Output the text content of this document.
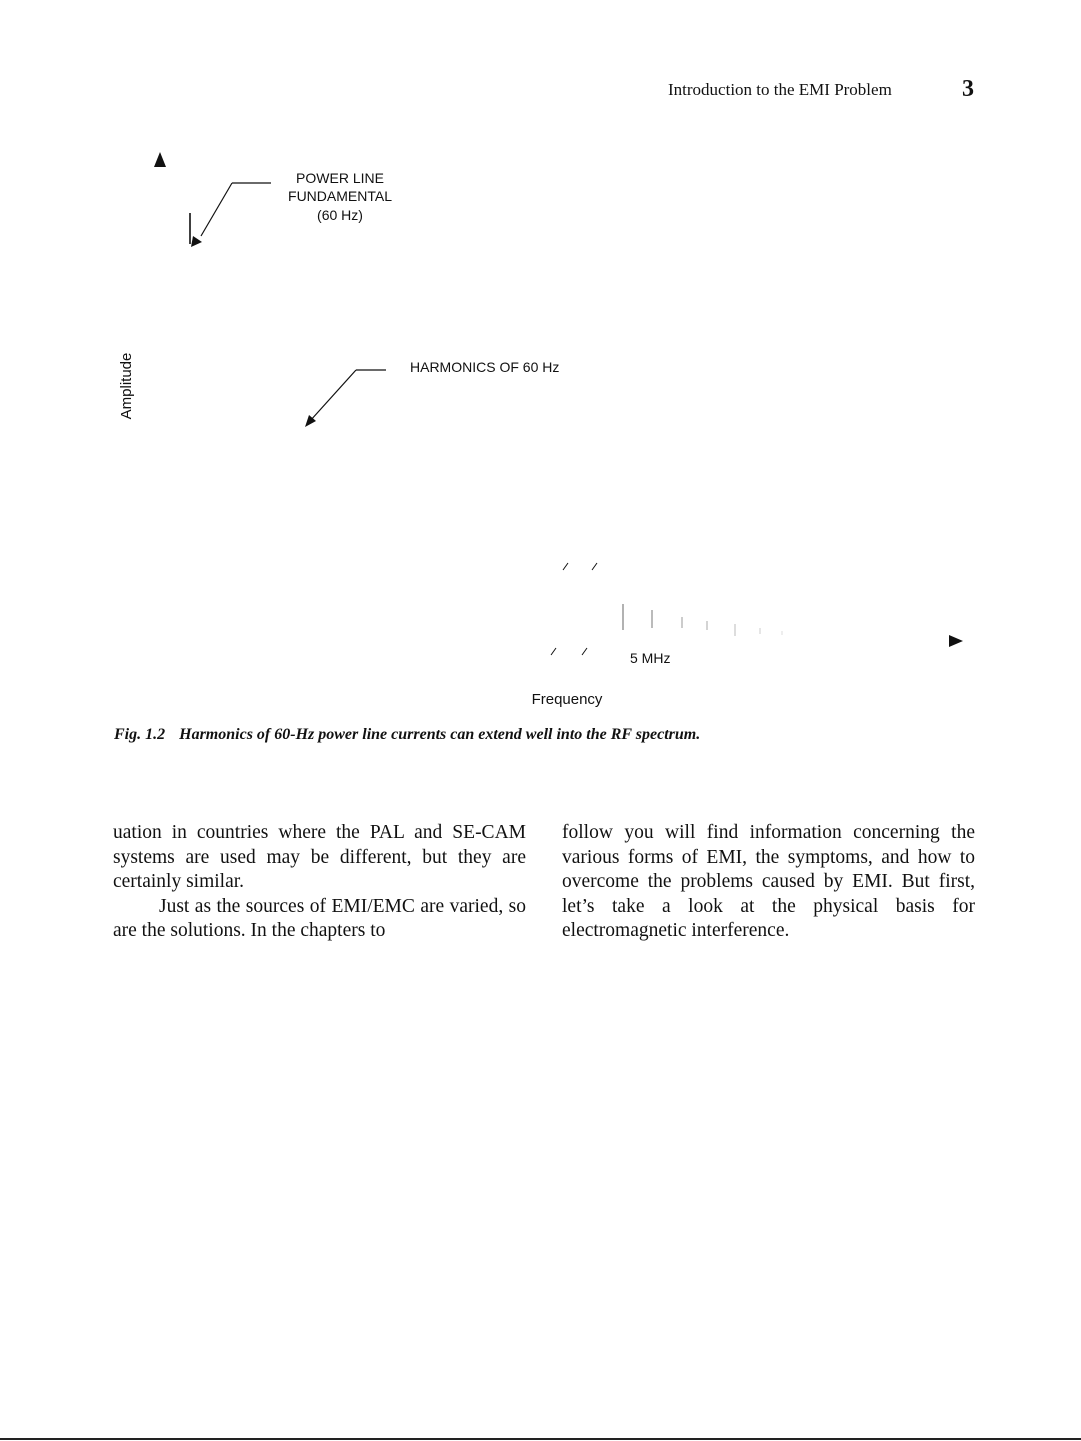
Introduction to the EMI Problem	3
POWER LINE
FUNDAMENTAL
(60 Hz)
HARMONICS OF 60 Hz
Amplitude
5 MHz
Frequency
Fig. 1.2 Harmonics of 60-Hz power line currents can extend well into the RF spectrum.

uation in countries where the PAL and SE-CAM systems are used may be different, but they are certainly similar.

Just as the sources of EMI/EMC are varied, so are the solutions. In the chapters to

follow you will find information concerning the various forms of EMI, the symptoms, and how to overcome the problems caused by EMI. But first, let’s take a look at the physical basis for electromagnetic interference.
